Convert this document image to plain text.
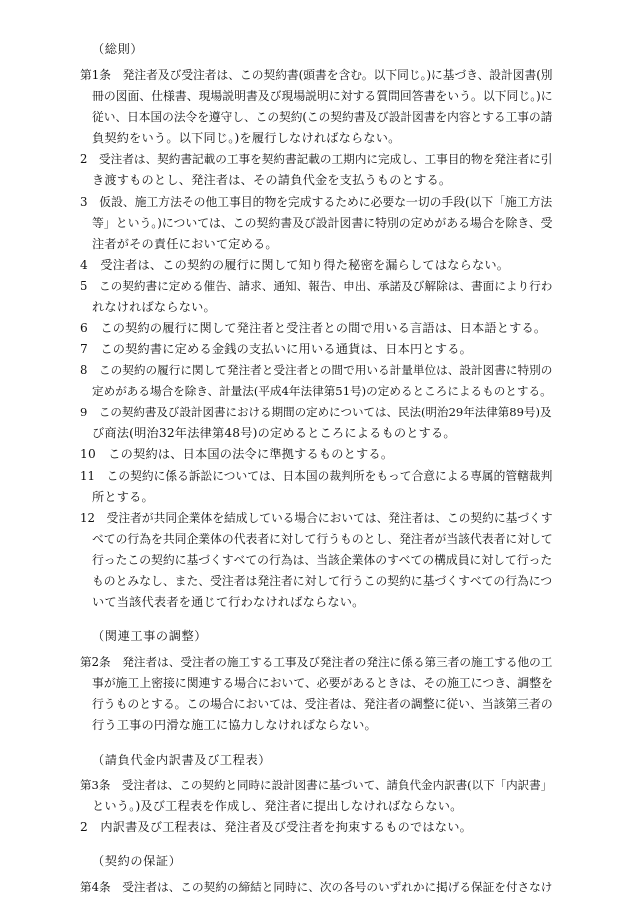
（総則）
第1条　発注者及び受注者は、この契約書(頭書を含む。以下同じ。)に基づき、設計図書(別
冊の図面、仕様書、現場説明書及び現場説明に対する質問回答書をいう。以下同じ。)に
従い、日本国の法令を遵守し、この契約(この契約書及び設計図書を内容とする工事の請
負契約をいう。以下同じ。)を履行しなければならない。
2　受注者は、契約書記載の工事を契約書記載の工期内に完成し、工事目的物を発注者に引
き渡すものとし、発注者は、その請負代金を支払うものとする。
3　仮設、施工方法その他工事目的物を完成するために必要な一切の手段(以下「施工方法
等」という。)については、この契約書及び設計図書に特別の定めがある場合を除き、受
注者がその責任において定める。
4　受注者は、この契約の履行に関して知り得た秘密を漏らしてはならない。
5　この契約書に定める催告、請求、通知、報告、申出、承諾及び解除は、書面により行わ
れなければならない。
6　この契約の履行に関して発注者と受注者との間で用いる言語は、日本語とする。
7　この契約書に定める金銭の支払いに用いる通貨は、日本円とする。
8　この契約の履行に関して発注者と受注者との間で用いる計量単位は、設計図書に特別の
定めがある場合を除き、計量法(平成4年法律第51号)の定めるところによるものとする。
9　この契約書及び設計図書における期間の定めについては、民法(明治29年法律第89号)及
び商法(明治32年法律第48号)の定めるところによるものとする。
10　この契約は、日本国の法令に準拠するものとする。
11　この契約に係る訴訟については、日本国の裁判所をもって合意による専属的管轄裁判
所とする。
12　受注者が共同企業体を結成している場合においては、発注者は、この契約に基づくす
べての行為を共同企業体の代表者に対して行うものとし、発注者が当該代表者に対して
行ったこの契約に基づくすべての行為は、当該企業体のすべての構成員に対して行った
ものとみなし、また、受注者は発注者に対して行うこの契約に基づくすべての行為につ
いて当該代表者を通じて行わなければならない。
（関連工事の調整）
第2条　発注者は、受注者の施工する工事及び発注者の発注に係る第三者の施工する他の工
事が施工上密接に関連する場合において、必要があるときは、その施工につき、調整を
行うものとする。この場合においては、受注者は、発注者の調整に従い、当該第三者の
行う工事の円滑な施工に協力しなければならない。
（請負代金内訳書及び工程表）
第3条　受注者は、この契約と同時に設計図書に基づいて、請負代金内訳書(以下「内訳書」
という。)及び工程表を作成し、発注者に提出しなければならない。
2　内訳書及び工程表は、発注者及び受注者を拘束するものではない。
（契約の保証）
第4条　受注者は、この契約の締結と同時に、次の各号のいずれかに掲げる保証を付さなけ
